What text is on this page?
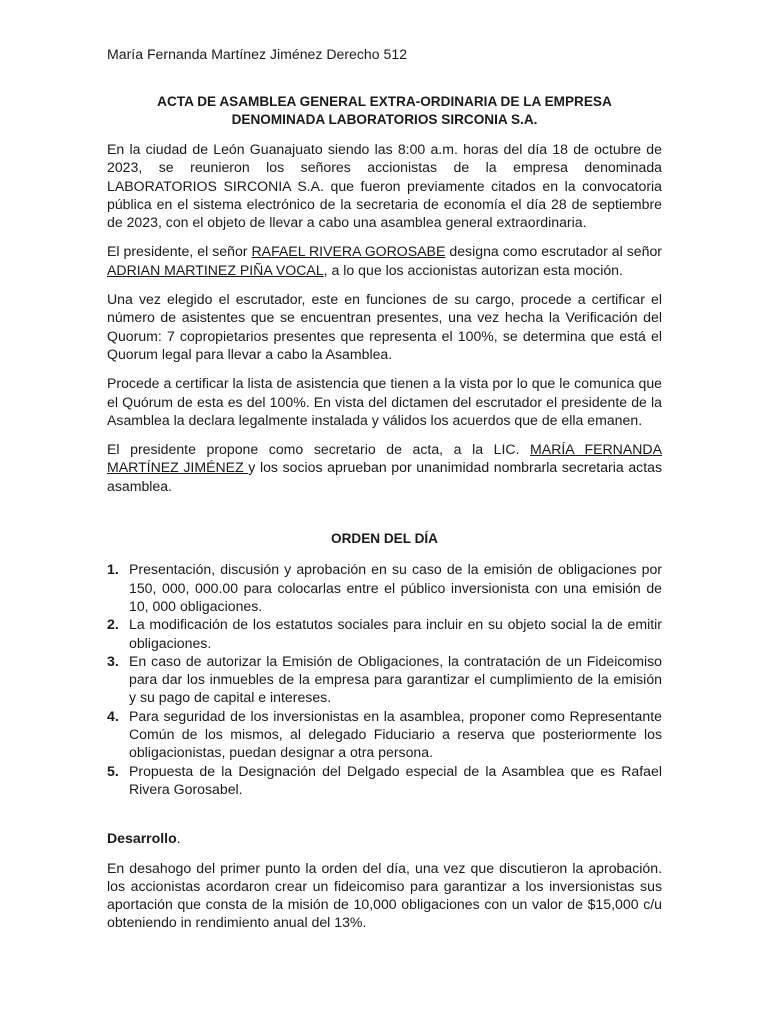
María Fernanda Martínez Jiménez Derecho 512
ACTA DE ASAMBLEA GENERAL EXTRA-ORDINARIA DE LA EMPRESA
DENOMINADA LABORATORIOS SIRCONIA S.A.

En la ciudad de León Guanajuato siendo las 8:00 a.m. horas del día 18 de octubre de 2023, se reunieron los señores accionistas de la empresa denominada LABORATORIOS SIRCONIA S.A. que fueron previamente citados en la convocatoria pública en el sistema electrónico de la secretaria de economía el día 28 de septiembre de 2023, con el objeto de llevar a cabo una asamblea general extraordinaria.

El presidente, el señor RAFAEL RIVERA GOROSABE designa como escrutador al señor ADRIAN MARTINEZ PIÑA VOCAL, a lo que los accionistas autorizan esta moción.

Una vez elegido el escrutador, este en funciones de su cargo, procede a certificar el número de asistentes que se encuentran presentes, una vez hecha la Verificación del Quorum: 7 copropietarios presentes que representa el 100%, se determina que está el Quorum legal para llevar a cabo la Asamblea.

Procede a certificar la lista de asistencia que tienen a la vista por lo que le comunica que el Quórum de esta es del 100%. En vista del dictamen del escrutador el presidente de la Asamblea la declara legalmente instalada y válidos los acuerdos que de ella emanen.

El presidente propone como secretario de acta, a la LIC. MARÍA FERNANDA MARTÍNEZ JIMÉNEZ y los socios aprueban por unanimidad nombrarla secretaria actas asamblea.

ORDEN DEL DÍA
1. Presentación, discusión y aprobación en su caso de la emisión de obligaciones por 150, 000, 000.00 para colocarlas entre el público inversionista con una emisión de 10, 000 obligaciones.
2. La modificación de los estatutos sociales para incluir en su objeto social la de emitir obligaciones.
3. En caso de autorizar la Emisión de Obligaciones, la contratación de un Fideicomiso para dar los inmuebles de la empresa para garantizar el cumplimiento de la emisión y su pago de capital e intereses.
4. Para seguridad de los inversionistas en la asamblea, proponer como Representante Común de los mismos, al delegado Fiduciario a reserva que posteriormente los obligacionistas, puedan designar a otra persona.
5. Propuesta de la Designación del Delgado especial de la Asamblea que es Rafael Rivera Gorosabel.
Desarrollo.

En desahogo del primer punto la orden del día, una vez que discutieron la aprobación. los accionistas acordaron crear un fideicomiso para garantizar a los inversionistas sus aportación que consta de la misión de 10,000 obligaciones con un valor de $15,000 c/u obteniendo in rendimiento anual del 13%.
